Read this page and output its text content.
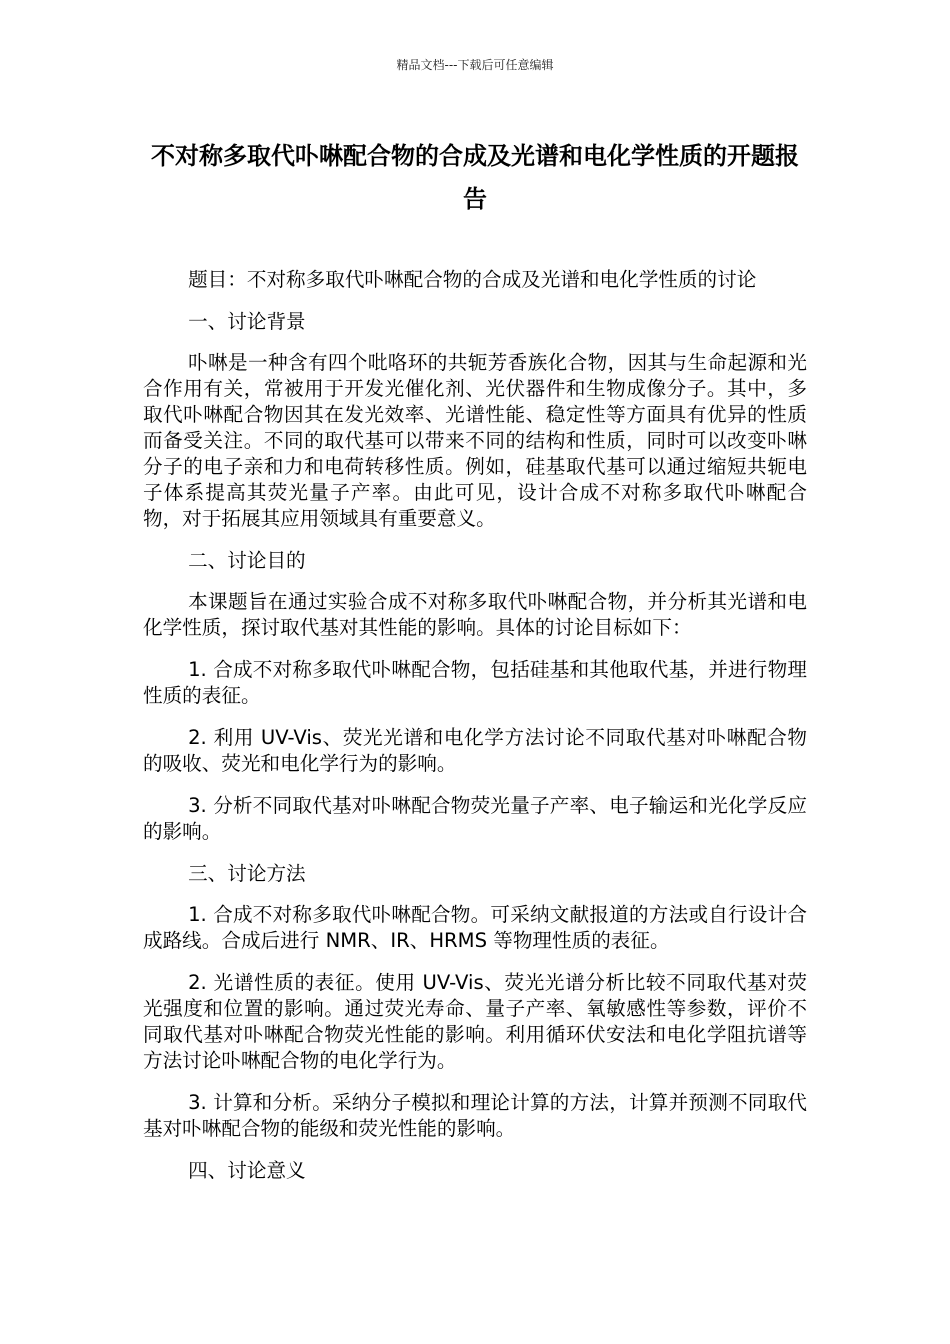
精品文档---下载后可任意编辑
不对称多取代卟啉配合物的合成及光谱和电化学性质的开题报告

题目：不对称多取代卟啉配合物的合成及光谱和电化学性质的讨论

一、讨论背景

卟啉是一种含有四个吡咯环的共轭芳香族化合物，因其与生命起源和光合作用有关，常被用于开发光催化剂、光伏器件和生物成像分子。其中，多取代卟啉配合物因其在发光效率、光谱性能、稳定性等方面具有优异的性质而备受关注。不同的取代基可以带来不同的结构和性质，同时可以改变卟啉分子的电子亲和力和电荷转移性质。例如，硅基取代基可以通过缩短共轭电子体系提高其荧光量子产率。由此可见，设计合成不对称多取代卟啉配合物，对于拓展其应用领域具有重要意义。

二、讨论目的

本课题旨在通过实验合成不对称多取代卟啉配合物，并分析其光谱和电化学性质，探讨取代基对其性能的影响。具体的讨论目标如下：

1. 合成不对称多取代卟啉配合物，包括硅基和其他取代基，并进行物理性质的表征。

2. 利用 UV-Vis、荧光光谱和电化学方法讨论不同取代基对卟啉配合物的吸收、荧光和电化学行为的影响。

3. 分析不同取代基对卟啉配合物荧光量子产率、电子输运和光化学反应的影响。

三、讨论方法

1. 合成不对称多取代卟啉配合物。可采纳文献报道的方法或自行设计合成路线。合成后进行 NMR、IR、HRMS 等物理性质的表征。

2. 光谱性质的表征。使用 UV-Vis、荧光光谱分析比较不同取代基对荧光强度和位置的影响。通过荧光寿命、量子产率、氧敏感性等参数，评价不同取代基对卟啉配合物荧光性能的影响。利用循环伏安法和电化学阻抗谱等方法讨论卟啉配合物的电化学行为。

3. 计算和分析。采纳分子模拟和理论计算的方法，计算并预测不同取代基对卟啉配合物的能级和荧光性能的影响。

四、讨论意义
